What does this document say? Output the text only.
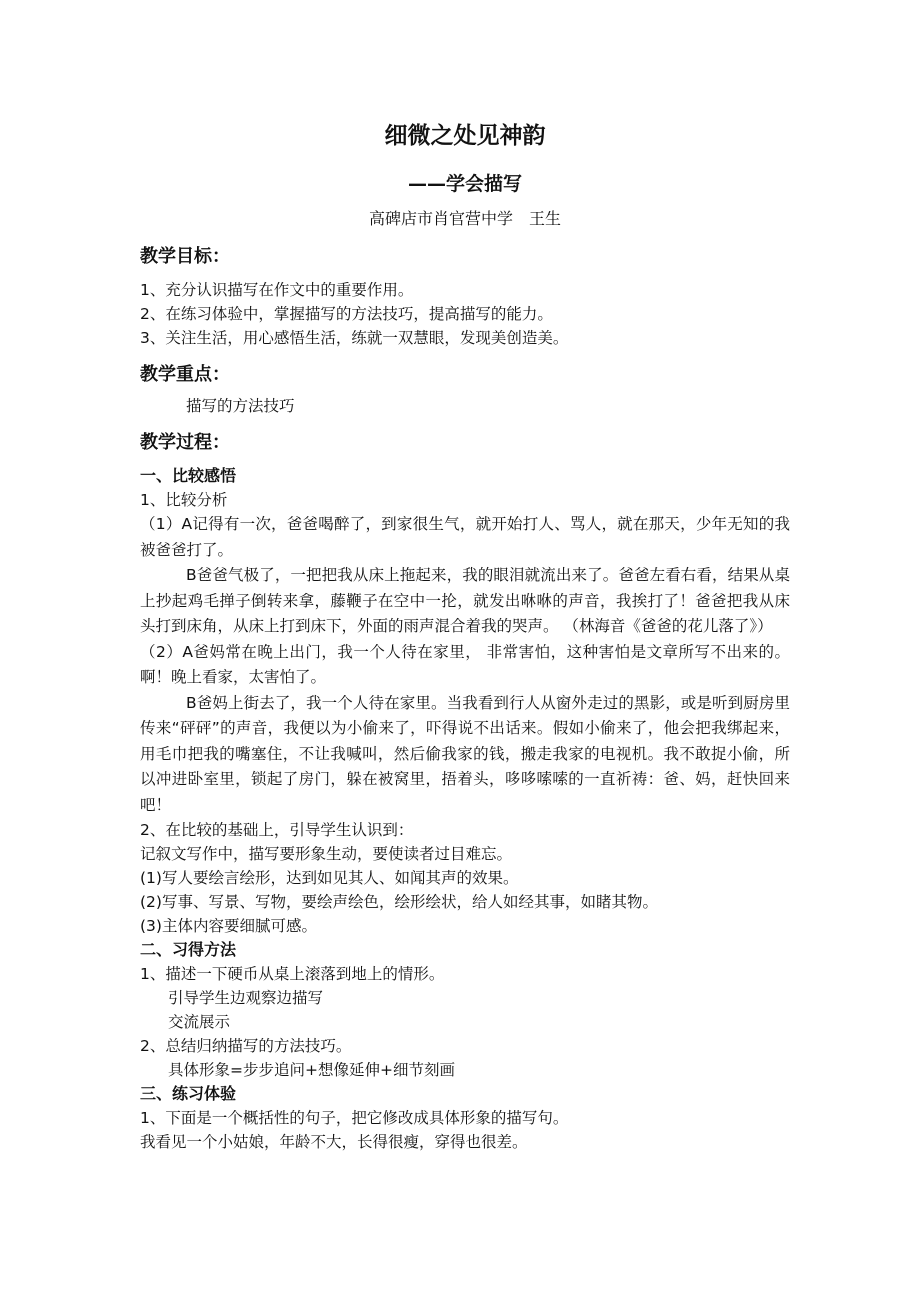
细微之处见神韵
——学会描写
高碑店市肖官营中学　王生
教学目标：
1、充分认识描写在作文中的重要作用。
2、在练习体验中，掌握描写的方法技巧，提高描写的能力。
3、关注生活，用心感悟生活，练就一双慧眼，发现美创造美。
教学重点：
描写的方法技巧
教学过程：
一、比较感悟
1、比较分析
（1）A记得有一次，爸爸喝醉了，到家很生气，就开始打人、骂人，就在那天，少年无知的我被爸爸打了。
B爸爸气极了，一把把我从床上拖起来，我的眼泪就流出来了。爸爸左看右看，结果从桌上抄起鸡毛掸子倒转来拿，藤鞭子在空中一抡，就发出咻咻的声音，我挨打了！爸爸把我从床头打到床角，从床上打到床下，外面的雨声混合着我的哭声。 （林海音《爸爸的花儿落了》）
（2）A爸妈常在晚上出门，我一个人待在家里， 非常害怕，这种害怕是文章所写不出来的。啊！晚上看家，太害怕了。
B爸妈上街去了，我一个人待在家里。当我看到行人从窗外走过的黑影，或是听到厨房里传来“砰砰”的声音，我便以为小偷来了，吓得说不出话来。假如小偷来了，他会把我绑起来，用毛巾把我的嘴塞住，不让我喊叫，然后偷我家的钱，搬走我家的电视机。我不敢捉小偷，所以冲进卧室里，锁起了房门，躲在被窝里，捂着头，哆哆嗦嗦的一直祈祷：爸、妈，赶快回来吧！
2、在比较的基础上，引导学生认识到：
记叙文写作中，描写要形象生动，要使读者过目难忘。
(1)写人要绘言绘形，达到如见其人、如闻其声的效果。
(2)写事、写景、写物，要绘声绘色，绘形绘状，给人如经其事，如睹其物。
(3)主体内容要细腻可感。
二、习得方法
1、描述一下硬币从桌上滚落到地上的情形。
引导学生边观察边描写
交流展示
2、总结归纳描写的方法技巧。
具体形象=步步追问+想像延伸+细节刻画
三、练习体验
1、下面是一个概括性的句子，把它修改成具体形象的描写句。
我看见一个小姑娘，年龄不大，长得很瘦，穿得也很差。
